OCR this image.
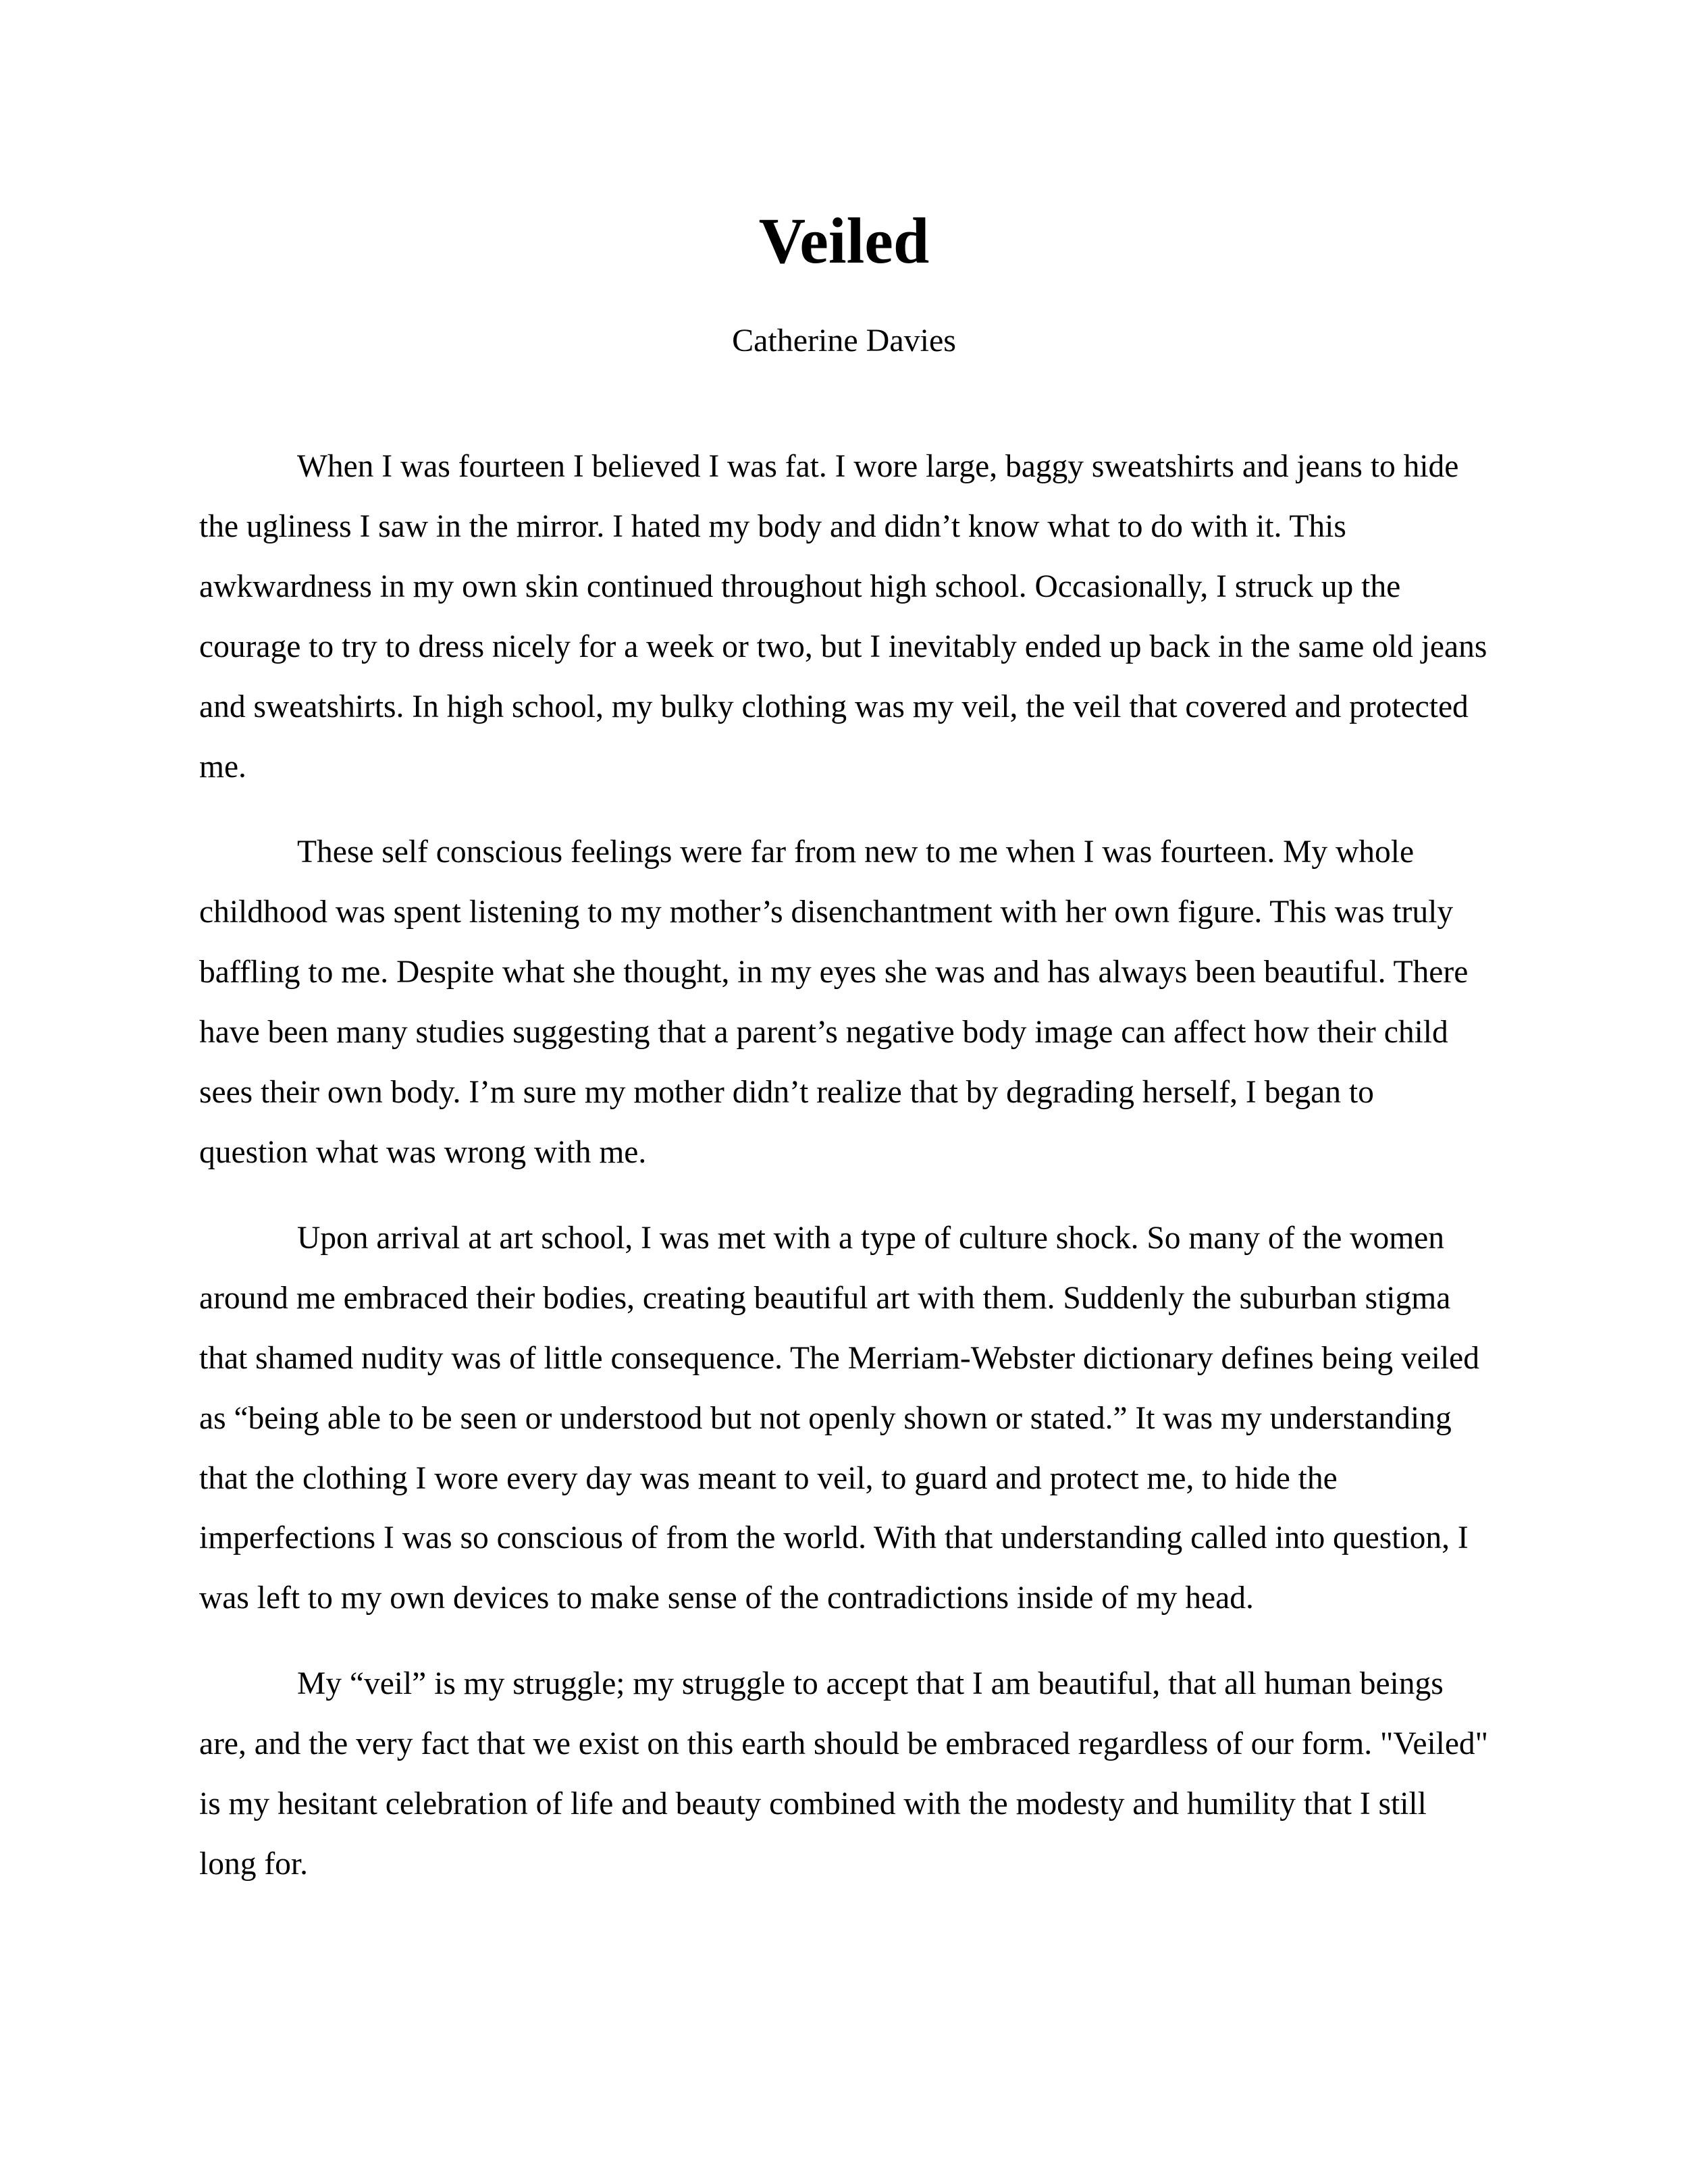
Veiled

Catherine Davies

When I was fourteen I believed I was fat. I wore large, baggy sweatshirts and jeans to hide the ugliness I saw in the mirror. I hated my body and didn’t know what to do with it. This awkwardness in my own skin continued throughout high school. Occasionally, I struck up the courage to try to dress nicely for a week or two, but I inevitably ended up back in the same old jeans and sweatshirts. In high school, my bulky clothing was my veil, the veil that covered and protected me.

These self conscious feelings were far from new to me when I was fourteen. My whole childhood was spent listening to my mother’s disenchantment with her own figure. This was truly baffling to me. Despite what she thought, in my eyes she was and has always been beautiful. There have been many studies suggesting that a parent’s negative body image can affect how their child sees their own body. I’m sure my mother didn’t realize that by degrading herself, I began to question what was wrong with me.

Upon arrival at art school, I was met with a type of culture shock. So many of the women around me embraced their bodies, creating beautiful art with them. Suddenly the suburban stigma that shamed nudity was of little consequence. The Merriam-Webster dictionary defines being veiled as “being able to be seen or understood but not openly shown or stated.” It was my understanding that the clothing I wore every day was meant to veil, to guard and protect me, to hide the imperfections I was so conscious of from the world. With that understanding called into question, I was left to my own devices to make sense of the contradictions inside of my head.

My “veil” is my struggle; my struggle to accept that I am beautiful, that all human beings are, and the very fact that we exist on this earth should be embraced regardless of our form. "Veiled" is my hesitant celebration of life and beauty combined with the modesty and humility that I still long for.
